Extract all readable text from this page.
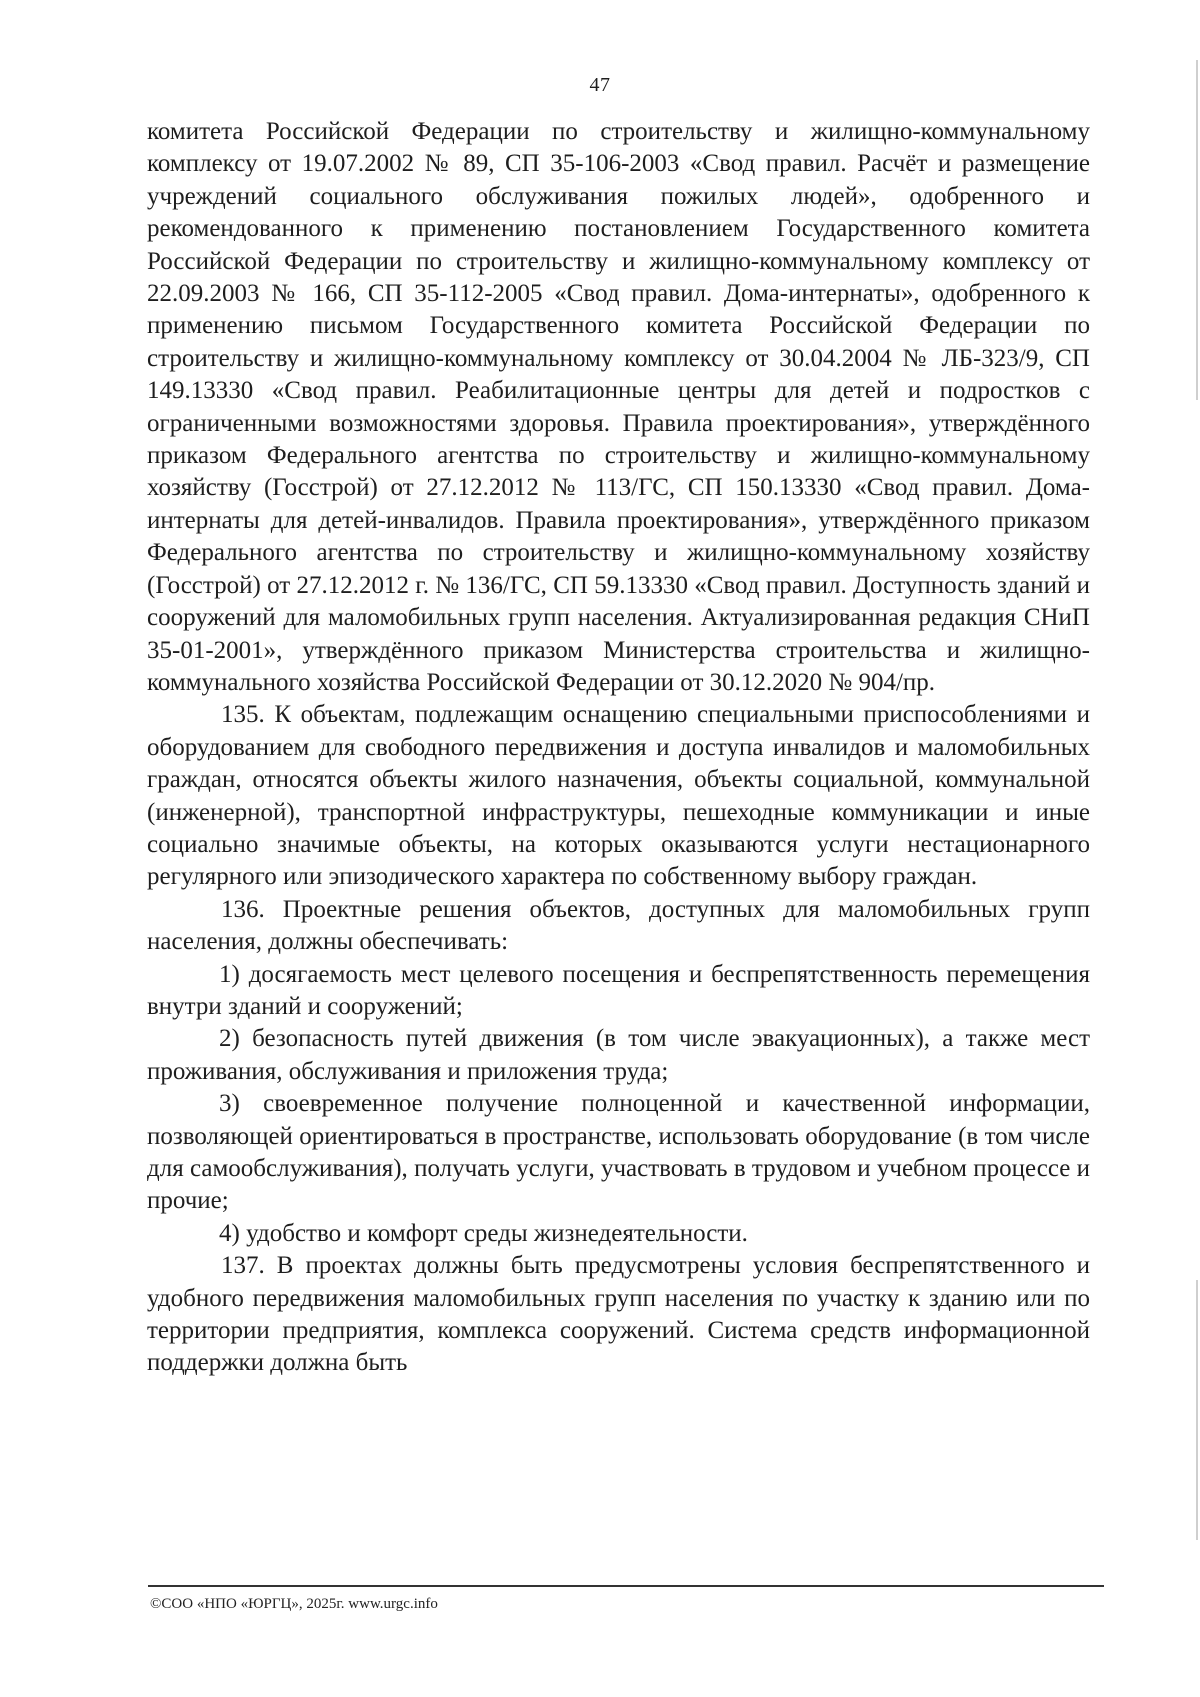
47

комитета Российской Федерации по строительству и жилищно-коммунальному комплексу от 19.07.2002 № 89, СП 35-106-2003 «Свод правил. Расчёт и размещение учреждений социального обслуживания пожилых людей», одобренного и рекомендованного к применению постановлением Государственного комитета Российской Федерации по строительству и жилищно-коммунальному комплексу от 22.09.2003 № 166, СП 35-112-2005 «Свод правил. Дома-интернаты», одобренного к применению письмом Государственного комитета Российской Федерации по строительству и жилищно-коммунальному комплексу от 30.04.2004 № ЛБ-323/9, СП 149.13330 «Свод правил. Реабилитационные центры для детей и подростков с ограниченными возможностями здоровья. Правила проектирования», утверждённого приказом Федерального агентства по строительству и жилищно-коммунальному хозяйству (Госстрой) от 27.12.2012 № 113/ГС, СП 150.13330 «Свод правил. Дома-интернаты для детей-инвалидов. Правила проектирования», утверждённого приказом Федерального агентства по строительству и жилищно-коммунальному хозяйству (Госстрой) от 27.12.2012 г. № 136/ГС, СП 59.13330 «Свод правил. Доступность зданий и сооружений для маломобильных групп населения. Актуализированная редакция СНиП 35-01-2001», утверждённого приказом Министерства строительства и жилищно-коммунального хозяйства Российской Федерации от 30.12.2020 № 904/пр.

135. К объектам, подлежащим оснащению специальными приспособлениями и оборудованием для свободного передвижения и доступа инвалидов и маломобильных граждан, относятся объекты жилого назначения, объекты социальной, коммунальной (инженерной), транспортной инфраструктуры, пешеходные коммуникации и иные социально значимые объекты, на которых оказываются услуги нестационарного регулярного или эпизодического характера по собственному выбору граждан.

136. Проектные решения объектов, доступных для маломобильных групп населения, должны обеспечивать:

1) досягаемость мест целевого посещения и беспрепятственность перемещения внутри зданий и сооружений;

2) безопасность путей движения (в том числе эвакуационных), а также мест проживания, обслуживания и приложения труда;

3) своевременное получение полноценной и качественной информации, позволяющей ориентироваться в пространстве, использовать оборудование (в том числе для самообслуживания), получать услуги, участвовать в трудовом и учебном процессе и прочие;

4) удобство и комфорт среды жизнедеятельности.

137. В проектах должны быть предусмотрены условия беспрепятственного и удобного передвижения маломобильных групп населения по участку к зданию или по территории предприятия, комплекса сооружений. Система средств информационной поддержки должна быть

©СОО «НПО «ЮРГЦ», 2025г. www.urgc.info
